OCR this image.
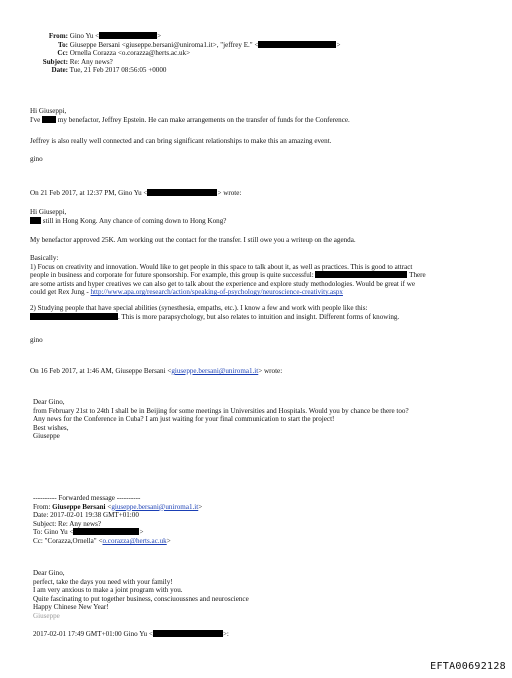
From: Gino Yu <	>
To: Giuseppe Bersani <giuseppe.bersani@uniroma1.it>, "jeffrey E." <	>
Cc: Ornella Corazza <o.corazza@herts.ac.uk>
Subject: Re: Any news?
Date: Tue, 21 Feb 2017 08:56:05 +0000
Hi Giuseppi,
I've my benefactor, Jeffrey Epstein. He can make arrangements on the transfer of funds for the Conference.
Jeffrey is also really well connected and can bring significant relationships to make this an amazing event.
gino
On 21 Feb 2017, at 12:37 PM, Gino Yu <	> wrote:
Hi Giuseppi,
still in Hong Kong. Any chance of coming down to Hong Kong?
My benefactor approved 25K. Am working out the contact for the transfer. I still owe you a writeup on the agenda.
Basically:
1) Focus on creativity and innovation. Would like to get people in this space to talk about it, as well as practices. This is good to attract
people in business and corporate for future sponsorship. For example, this group is quite successful:	There
are some artists and hyper creatives we can also get to talk about the experience and explore study methodologies. Would be great if we
could get Rex Jung - http://www.apa.org/research/action/speaking-of-psychology/neuroscience-creativity.aspx
2) Studying people that have special abilities (synesthesia, empaths, etc.). I know a few and work with people like this:
. This is more parapsychology, but also relates to intuition and insight. Different forms of knowing.
gino
On 16 Feb 2017, at 1:46 AM, Giuseppe Bersani <giuseppe.bersani@uniroma1.it> wrote:
Dear Gino,
from February 21st to 24th I shall be in Beijing for some meetings in Universities and Hospitals. Would you by chance be there too?
Any news for the Conference in Cuba? I am just waiting for your final communication to start the project!
Best wishes,
Giuseppe
---------- Forwarded message ----------
From: Giuseppe Bersani <giuseppe.bersani@uniroma1.it>
Date: 2017-02-01 19:38 GMT+01:00
Subject: Re: Any news?
To: Gino Yu <	>
Cc: "Corazza,Ornella" <o.corazza@herts.ac.uk>
Dear Gino,
perfect, take the days you need with your family!
I am very anxious to make a joint program with you.
Quite fascinating to put together business, consciuoussnes and neuroscience
Happy Chinese New Year!
Giuseppe
2017-02-01 17:49 GMT+01:00 Gino Yu <	>:
EFTA00692128
